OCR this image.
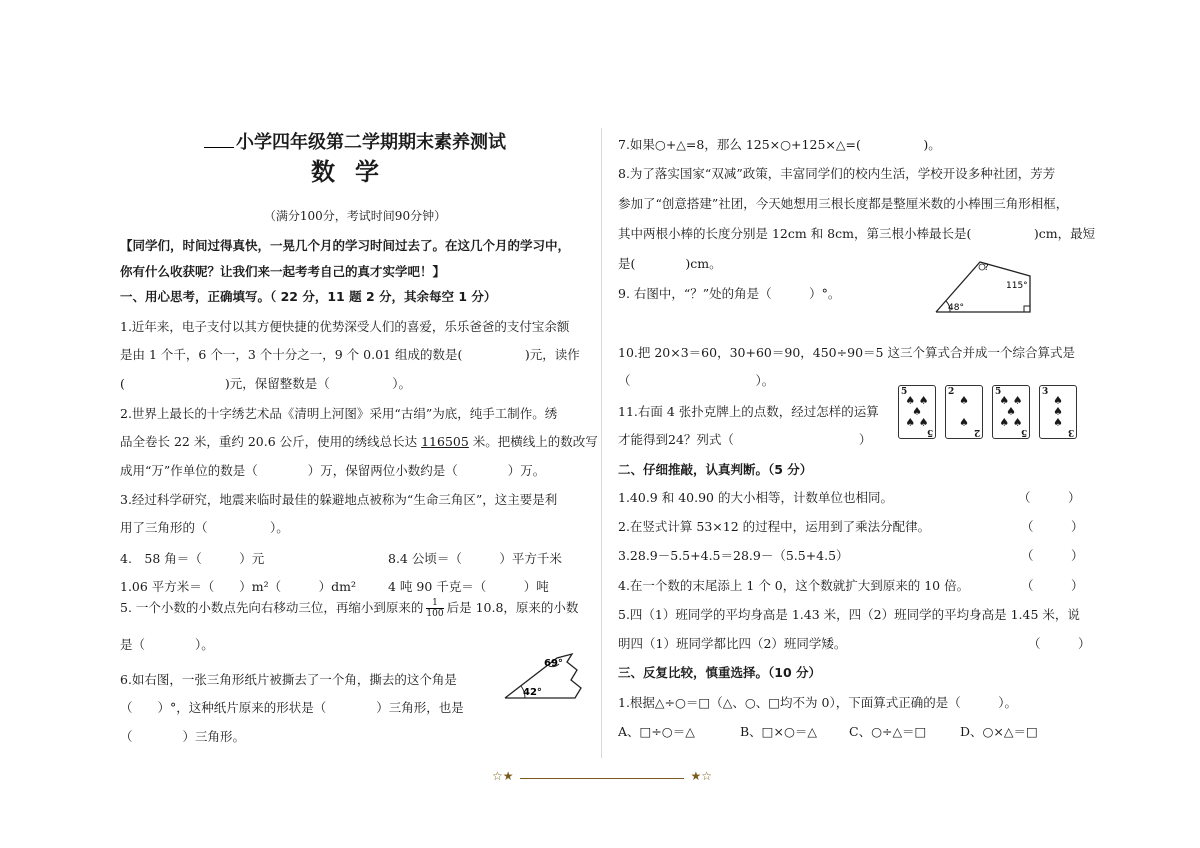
小学四年级第二学期期末素养测试
数学
（满分100分，考试时间90分钟）
【同学们，时间过得真快，一晃几个月的学习时间过去了。在这几个月的学习中，
你有什么收获呢？让我们来一起考考自己的真才实学吧！】
一、用心思考，正确填写。（ 22 分，11 题 2 分，其余每空 1 分）
1.近年来，电子支付以其方便快捷的优势深受人们的喜爱，乐乐爸爸的支付宝余额
是由 1 个千，6 个一，3 个十分之一，9 个 0.01 组成的数是(　　　　　)元，读作
(　　　　　　　　)元，保留整数是（　　　　　）。
2.世界上最长的十字绣艺术品《清明上河图》采用“古绢”为底，纯手工制作。绣
品全卷长 22 米，重约 20.6 公斤，使用的绣线总长达 116505 米。把横线上的数改写
成用“万”作单位的数是（　　　　）万，保留两位小数约是（　　　　）万。
3.经过科学研究，地震来临时最佳的躲避地点被称为“生命三角区”，这主要是利
用了三角形的（　　　　　）。
4.　58 角＝（　　　）元	8.4 公顷＝（　　　）平方千米
1.06 平方米＝（　　）m²（　　　）dm²	4 吨 90 千克＝（　　　）吨
5. 一个小数的小数点先向右移动三位，再缩小到原来的 $\frac{1}{100}$ 后是 10.8，原来的小数
是（　　　　）。
6.如右图，一张三角形纸片被撕去了一个角，撕去的这个角是
（　　）°，这种纸片原来的形状是（　　　　）三角形，也是
（　　　　）三角形。
69°
42°
7.如果○+△=8，那么 125×○+125×△=(　　　　　)。
8.为了落实国家“双减”政策，丰富同学们的校内生活，学校开设多种社团，芳芳
参加了“创意搭建”社团，今天她想用三根长度都是整厘米数的小棒围三角形相框，
其中两根小棒的长度分别是 12cm 和 8cm，第三根小棒最长是(　　　　　)cm，最短
是(　　　　)cm。
9. 右图中，“？”处的角是（　　　）°。
10.把 20×3＝60，30+60＝90，450÷90＝5 这三个算式合并成一个综合算式是
（　　　　　　　　　　）。
11.右面 4 张扑克牌上的点数，经过怎样的运算
才能得到24？列式（　　　　　　　　　　）
二、仔细推敲，认真判断。（5 分）
1.40.9 和 40.90 的大小相等，计数单位也相同。	（　　　）
2.在竖式计算 53×12 的过程中，运用到了乘法分配律。	（　　　）
3.28.9－5.5+4.5＝28.9－（5.5+4.5）	（　　　）
4.在一个数的末尾添上 1 个 0，这个数就扩大到原来的 10 倍。	（　　　）
5.四（1）班同学的平均身高是 1.43 米，四（2）班同学的平均身高是 1.45 米，说
明四（1）班同学都比四（2）班同学矮。	（　　　）
三、反复比较，慎重选择。（10 分）
1.根据△÷○＝□（△、○、□均不为 0），下面算式正确的是（　　　）。
A、□÷○＝△	B、□×○＝△	C、○÷△＝□	D、○×△＝□
?
115°
48°
5
♠ ♠
♠
♠ ♠
5
2
♠

♠
2
5
♠ ♠
♠
♠ ♠
5
3
♠
♠
♠
3
☆★	★☆
